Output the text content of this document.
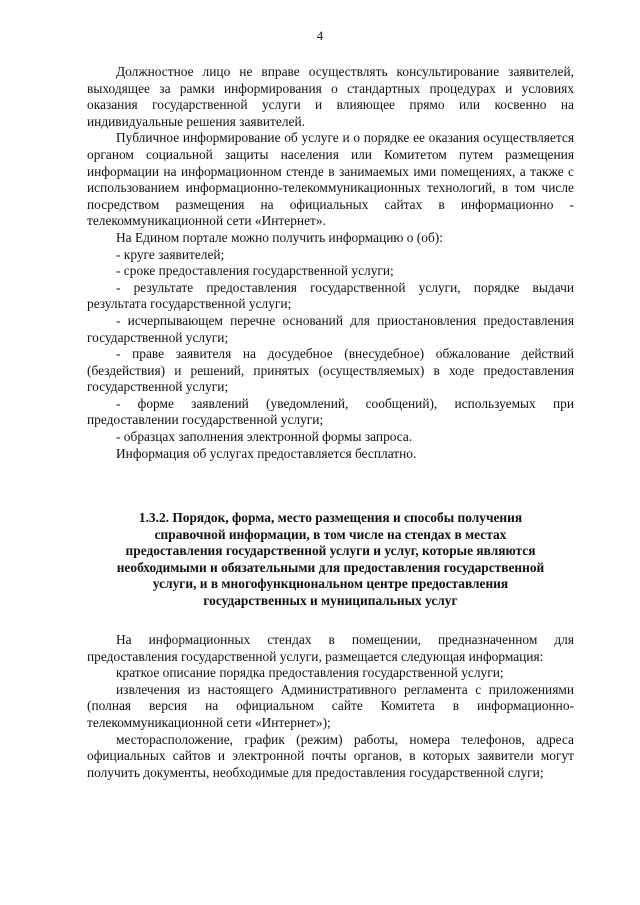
4

Должностное лицо не вправе осуществлять консультирование заявителей, выходящее за рамки информирования о стандартных процедурах и условиях оказания государственной услуги и влияющее прямо или косвенно на индивидуальные решения заявителей.

Публичное информирование об услуге и о порядке ее оказания осуществляется органом социальной защиты населения или Комитетом путем размещения информации на информационном стенде в занимаемых ими помещениях, а также с использованием информационно-телекоммуникационных технологий, в том числе посредством размещения на официальных сайтах в информационно - телекоммуникационной сети «Интернет».

На Едином портале можно получить информацию о (об):

- круге заявителей;

- сроке предоставления государственной услуги;

- результате предоставления государственной услуги, порядке выдачи результата государственной услуги;

- исчерпывающем перечне оснований для приостановления предоставления государственной услуги;

- праве заявителя на досудебное (внесудебное) обжалование действий (бездействия) и решений, принятых (осуществляемых) в ходе предоставления государственной услуги;

- форме заявлений (уведомлений, сообщений), используемых при предоставлении государственной услуги;

- образцах заполнения электронной формы запроса.

Информация об услугах предоставляется бесплатно.

1.3.2. Порядок, форма, место размещения и способы получения

справочной информации, в том числе на стендах в местах

предоставления государственной услуги и услуг, которые являются

необходимыми и обязательными для предоставления государственной

услуги, и в многофункциональном центре предоставления

государственных и муниципальных услуг

На информационных стендах в помещении, предназначенном для предоставления государственной услуги, размещается следующая информация:

краткое описание порядка предоставления государственной услуги;

извлечения из настоящего Административного регламента с приложениями (полная версия на официальном сайте Комитета в информационно-телекоммуникационной сети «Интернет»);

месторасположение, график (режим) работы, номера телефонов, адреса официальных сайтов и электронной почты органов, в которых заявители могут получить документы, необходимые для предоставления государственной слуги;
